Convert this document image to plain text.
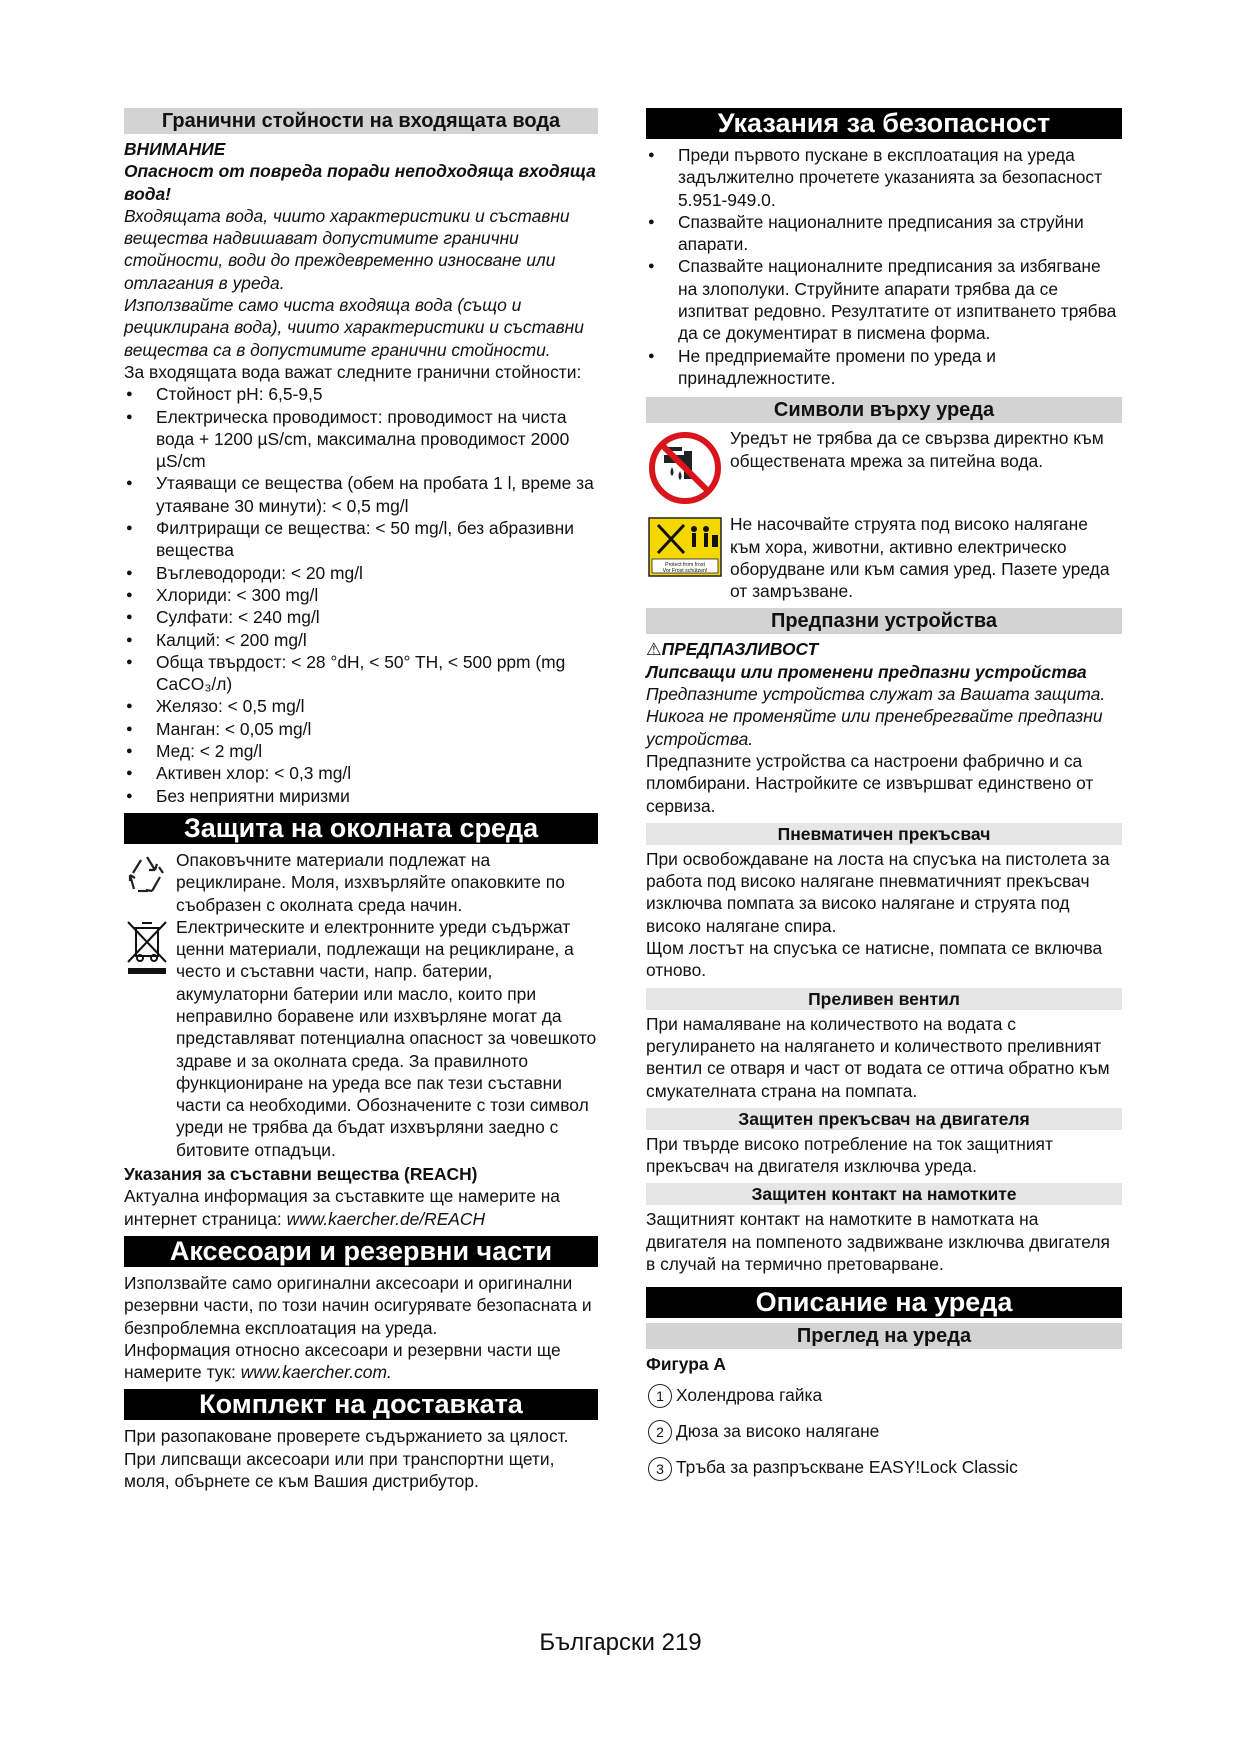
Гранични стойности на входящата вода

ВНИМАНИЕ

Опасност от повреда поради неподходяща входяща вода!

Входящата вода, чиито характеристики и съставни вещества надвишават допустимите гранични стойности, води до преждевременно износване или отлагания в уреда.

Използвайте само чиста входяща вода (също и рециклирана вода), чиито характеристики и съставни вещества са в допустимите гранични стойности.

За входящата вода важат следните гранични стойности:

● Стойност pH: 6,5-9,5
● Електрическа проводимост: проводимост на чиста вода + 1200 µS/cm, максимална проводимост 2000 µS/cm
● Утаяващи се вещества (обем на пробата 1 l, време за утаяване 30 минути): < 0,5 mg/l
● Филтриращи се вещества: < 50 mg/l, без абразивни вещества
● Въглеводороди: < 20 mg/l
● Хлориди: < 300 mg/l
● Сулфати: < 240 mg/l
● Калций: < 200 mg/l
● Обща твърдост: < 28 °dH, < 50° TH, < 500 ppm (mg CaCO₃/л)
● Желязо: < 0,5 mg/l
● Манган: < 0,05 mg/l
● Мед: < 2 mg/l
● Активен хлор: < 0,3 mg/l
● Без неприятни миризми
Защита на околната среда

Опаковъчните материали подлежат на рециклиране. Моля, изхвърляйте опаковките по съобразен с околната среда начин.

Електрическите и електронните уреди съдържат ценни материали, подлежащи на рециклиране, а често и съставни части, напр. батерии, акумулаторни батерии или масло, които при неправилно боравене или изхвърляне могат да представляват потенциална опасност за човешкото здраве и за околната среда. За правилното функциониране на уреда все пак тези съставни части са необходими. Обозначените с този символ уреди не трябва да бъдат изхвърляни заедно с битовите отпадъци.

Указания за съставни вещества (REACH)

Актуална информация за съставките ще намерите на интернет страница: www.kaercher.de/REACH

Аксесоари и резервни части

Използвайте само оригинални аксесоари и оригинални резервни части, по този начин осигурявате безопасната и безпроблемна експлоатация на уреда.

Информация относно аксесоари и резервни части ще намерите тук: www.kaercher.com.

Комплект на доставката

При разопаковане проверете съдържанието за цялост. При липсващи аксесоари или при транспортни щети, моля, обърнете се към Вашия дистрибутор.

Указания за безопасност
● Преди първото пускане в експлоатация на уреда задължително прочетете указанията за безопасност 5.951-949.0.
● Спазвайте националните предписания за струйни апарати.
● Спазвайте националните предписания за избягване на злополуки. Струйните апарати трябва да се изпитват редовно. Резултатите от изпитването трябва да се документират в писмена форма.
● Не предприемайте промени по уреда и принадлежностите.
Символи върху уреда

Уредът не трябва да се свързва директно към обществената мрежа за питейна вода.

Protect from frost
Vor Frost schützen!

Не насочвайте струята под високо налягане към хора, животни, активно електрическо оборудване или към самия уред. Пазете уреда от замръзване.

Предпазни устройства

⚠ПРЕДПАЗЛИВОСТ

Липсващи или променени предпазни устройства

Предпазните устройства служат за Вашата защита.

Никога не променяйте или пренебрегвайте предпазни устройства.

Предпазните устройства са настроени фабрично и са пломбирани. Настройките се извършват единствено от сервиза.

Пневматичен прекъсвач

При освобождаване на лоста на спусъка на пистолета за работа под високо налягане пневматичният прекъсвач изключва помпата за високо налягане и струята под високо налягане спира.

Щом лостът на спусъка се натисне, помпата се включва отново.

Преливен вентил

При намаляване на количеството на водата с регулирането на налягането и количеството преливният вентил се отваря и част от водата се оттича обратно към смукателната страна на помпата.

Защитен прекъсвач на двигателя

При твърде високо потребление на ток защитният прекъсвач на двигателя изключва уреда.

Защитен контакт на намотките

Защитният контакт на намотките в намотката на двигателя на помпеното задвижване изключва двигателя в случай на термично претоварване.

Описание на уреда
Преглед на уреда

Фигура А

1 Холендрова гайка
2 Дюза за високо налягане
3 Тръба за разпръскване EASY!Lock Classic
Български 219
